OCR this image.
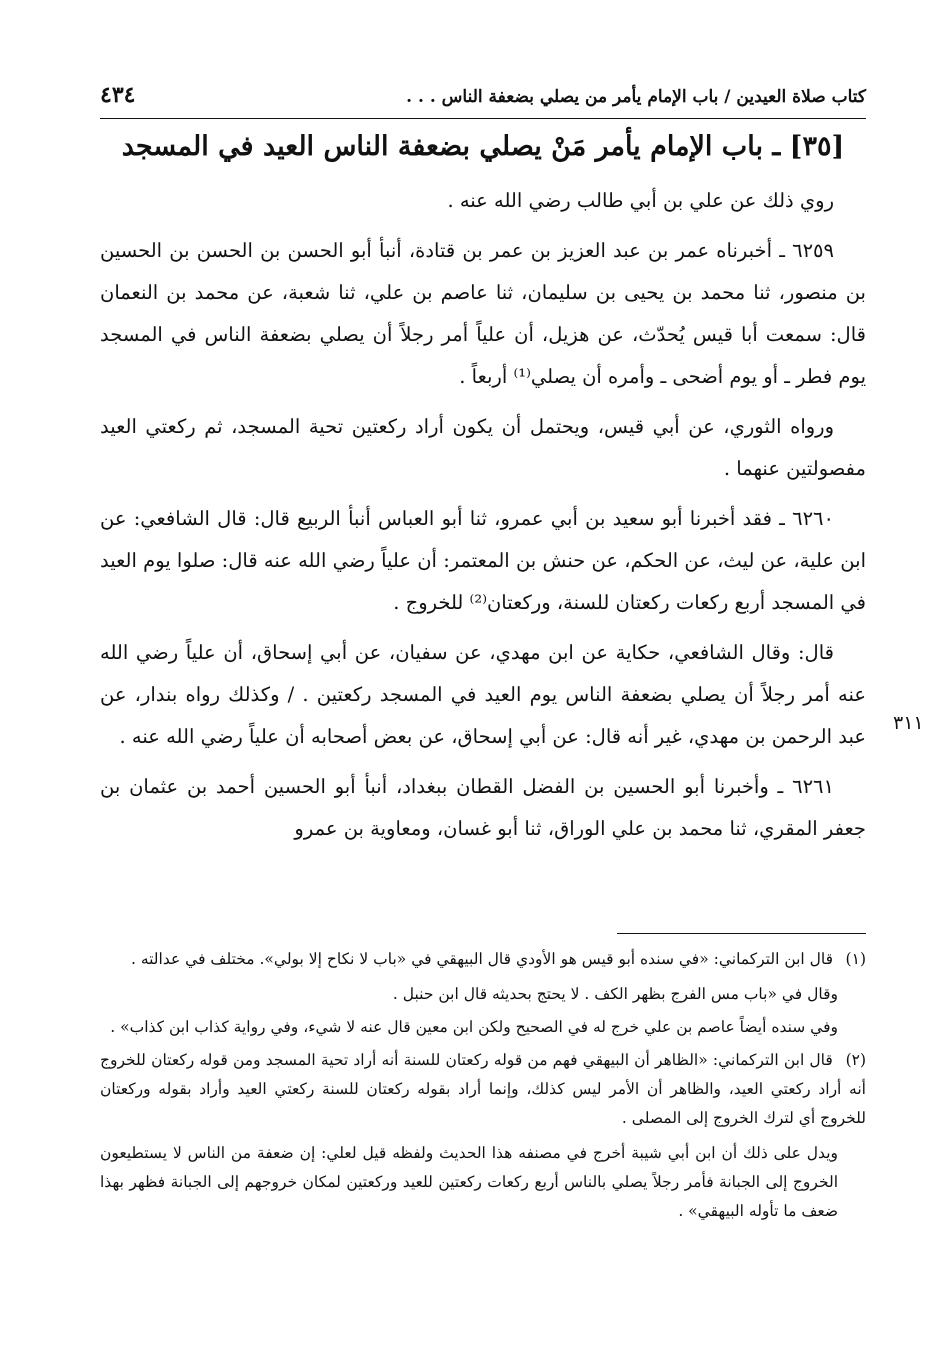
كتاب صلاة العيدين / باب الإمام يأمر من يصلي بضعفة الناس . . .
٤٣٤
[٣٥] ـ باب الإمام يأمر مَنْ يصلي بضعفة الناس العيد في المسجد

روي ذلك عن علي بن أبي طالب رضي الله عنه .

٦٢٥٩ ـ أخبرناه عمر بن عبد العزيز بن عمر بن قتادة، أنبأ أبو الحسن بن الحسن بن الحسين بن منصور، ثنا محمد بن يحيى بن سليمان، ثنا عاصم بن علي، ثنا شعبة، عن محمد بن النعمان قال: سمعت أبا قيس يُحدّث، عن هزيل، أن علياً أمر رجلاً أن يصلي بضعفة الناس في المسجد يوم فطر ـ أو يوم أضحى ـ وأمره أن يصلي⁽¹⁾ أربعاً .

ورواه الثوري، عن أبي قيس، ويحتمل أن يكون أراد ركعتين تحية المسجد، ثم ركعتي العيد مفصولتين عنهما .

٦٢٦٠ ـ فقد أخبرنا أبو سعيد بن أبي عمرو، ثنا أبو العباس أنبأ الربيع قال: قال الشافعي: عن ابن علية، عن ليث، عن الحكم، عن حنش بن المعتمر: أن علياً رضي الله عنه قال: صلوا يوم العيد في المسجد أربع ركعات ركعتان للسنة، وركعتان⁽²⁾ للخروج .

قال: وقال الشافعي، حكاية عن ابن مهدي، عن سفيان، عن أبي إسحاق، أن علياً رضي الله عنه أمر رجلاً أن يصلي بضعفة الناس يوم العيد في المسجد ركعتين . / وكذلك رواه بندار، عن عبد الرحمن بن مهدي، غير أنه قال: عن أبي إسحاق، عن بعض أصحابه أن علياً رضي الله عنه .

٦٢٦١ ـ وأخبرنا أبو الحسين بن الفضل القطان ببغداد، أنبأ أبو الحسين أحمد بن عثمان بن جعفر المقري، ثنا محمد بن علي الوراق، ثنا أبو غسان، ومعاوية بن عمرو

٣١١
(١) قال ابن التركماني: «في سنده أبو قيس هو الأودي قال البيهقي في «باب لا نكاح إلا بولي». مختلف في عدالته .
وقال في «باب مس الفرج بظهر الكف . لا يحتج بحديثه قال ابن حنبل .
وفي سنده أيضاً عاصم بن علي خرج له في الصحيح ولكن ابن معين قال عنه لا شيء، وفي رواية كذاب ابن كذاب» .
(٢) قال ابن التركماني: «الظاهر أن البيهقي فهم من قوله ركعتان للسنة أنه أراد تحية المسجد ومن قوله ركعتان للخروج أنه أراد ركعتي العيد، والظاهر أن الأمر ليس كذلك، وإنما أراد بقوله ركعتان للسنة ركعتي العيد وأراد بقوله وركعتان للخروج أي لترك الخروج إلى المصلى .
ويدل على ذلك أن ابن أبي شيبة أخرج في مصنفه هذا الحديث ولفظه قيل لعلي: إن ضعفة من الناس لا يستطيعون الخروج إلى الجبانة فأمر رجلاً يصلي بالناس أربع ركعات ركعتين للعيد وركعتين لمكان خروجهم إلى الجبانة فظهر بهذا ضعف ما تأوله البيهقي» .
